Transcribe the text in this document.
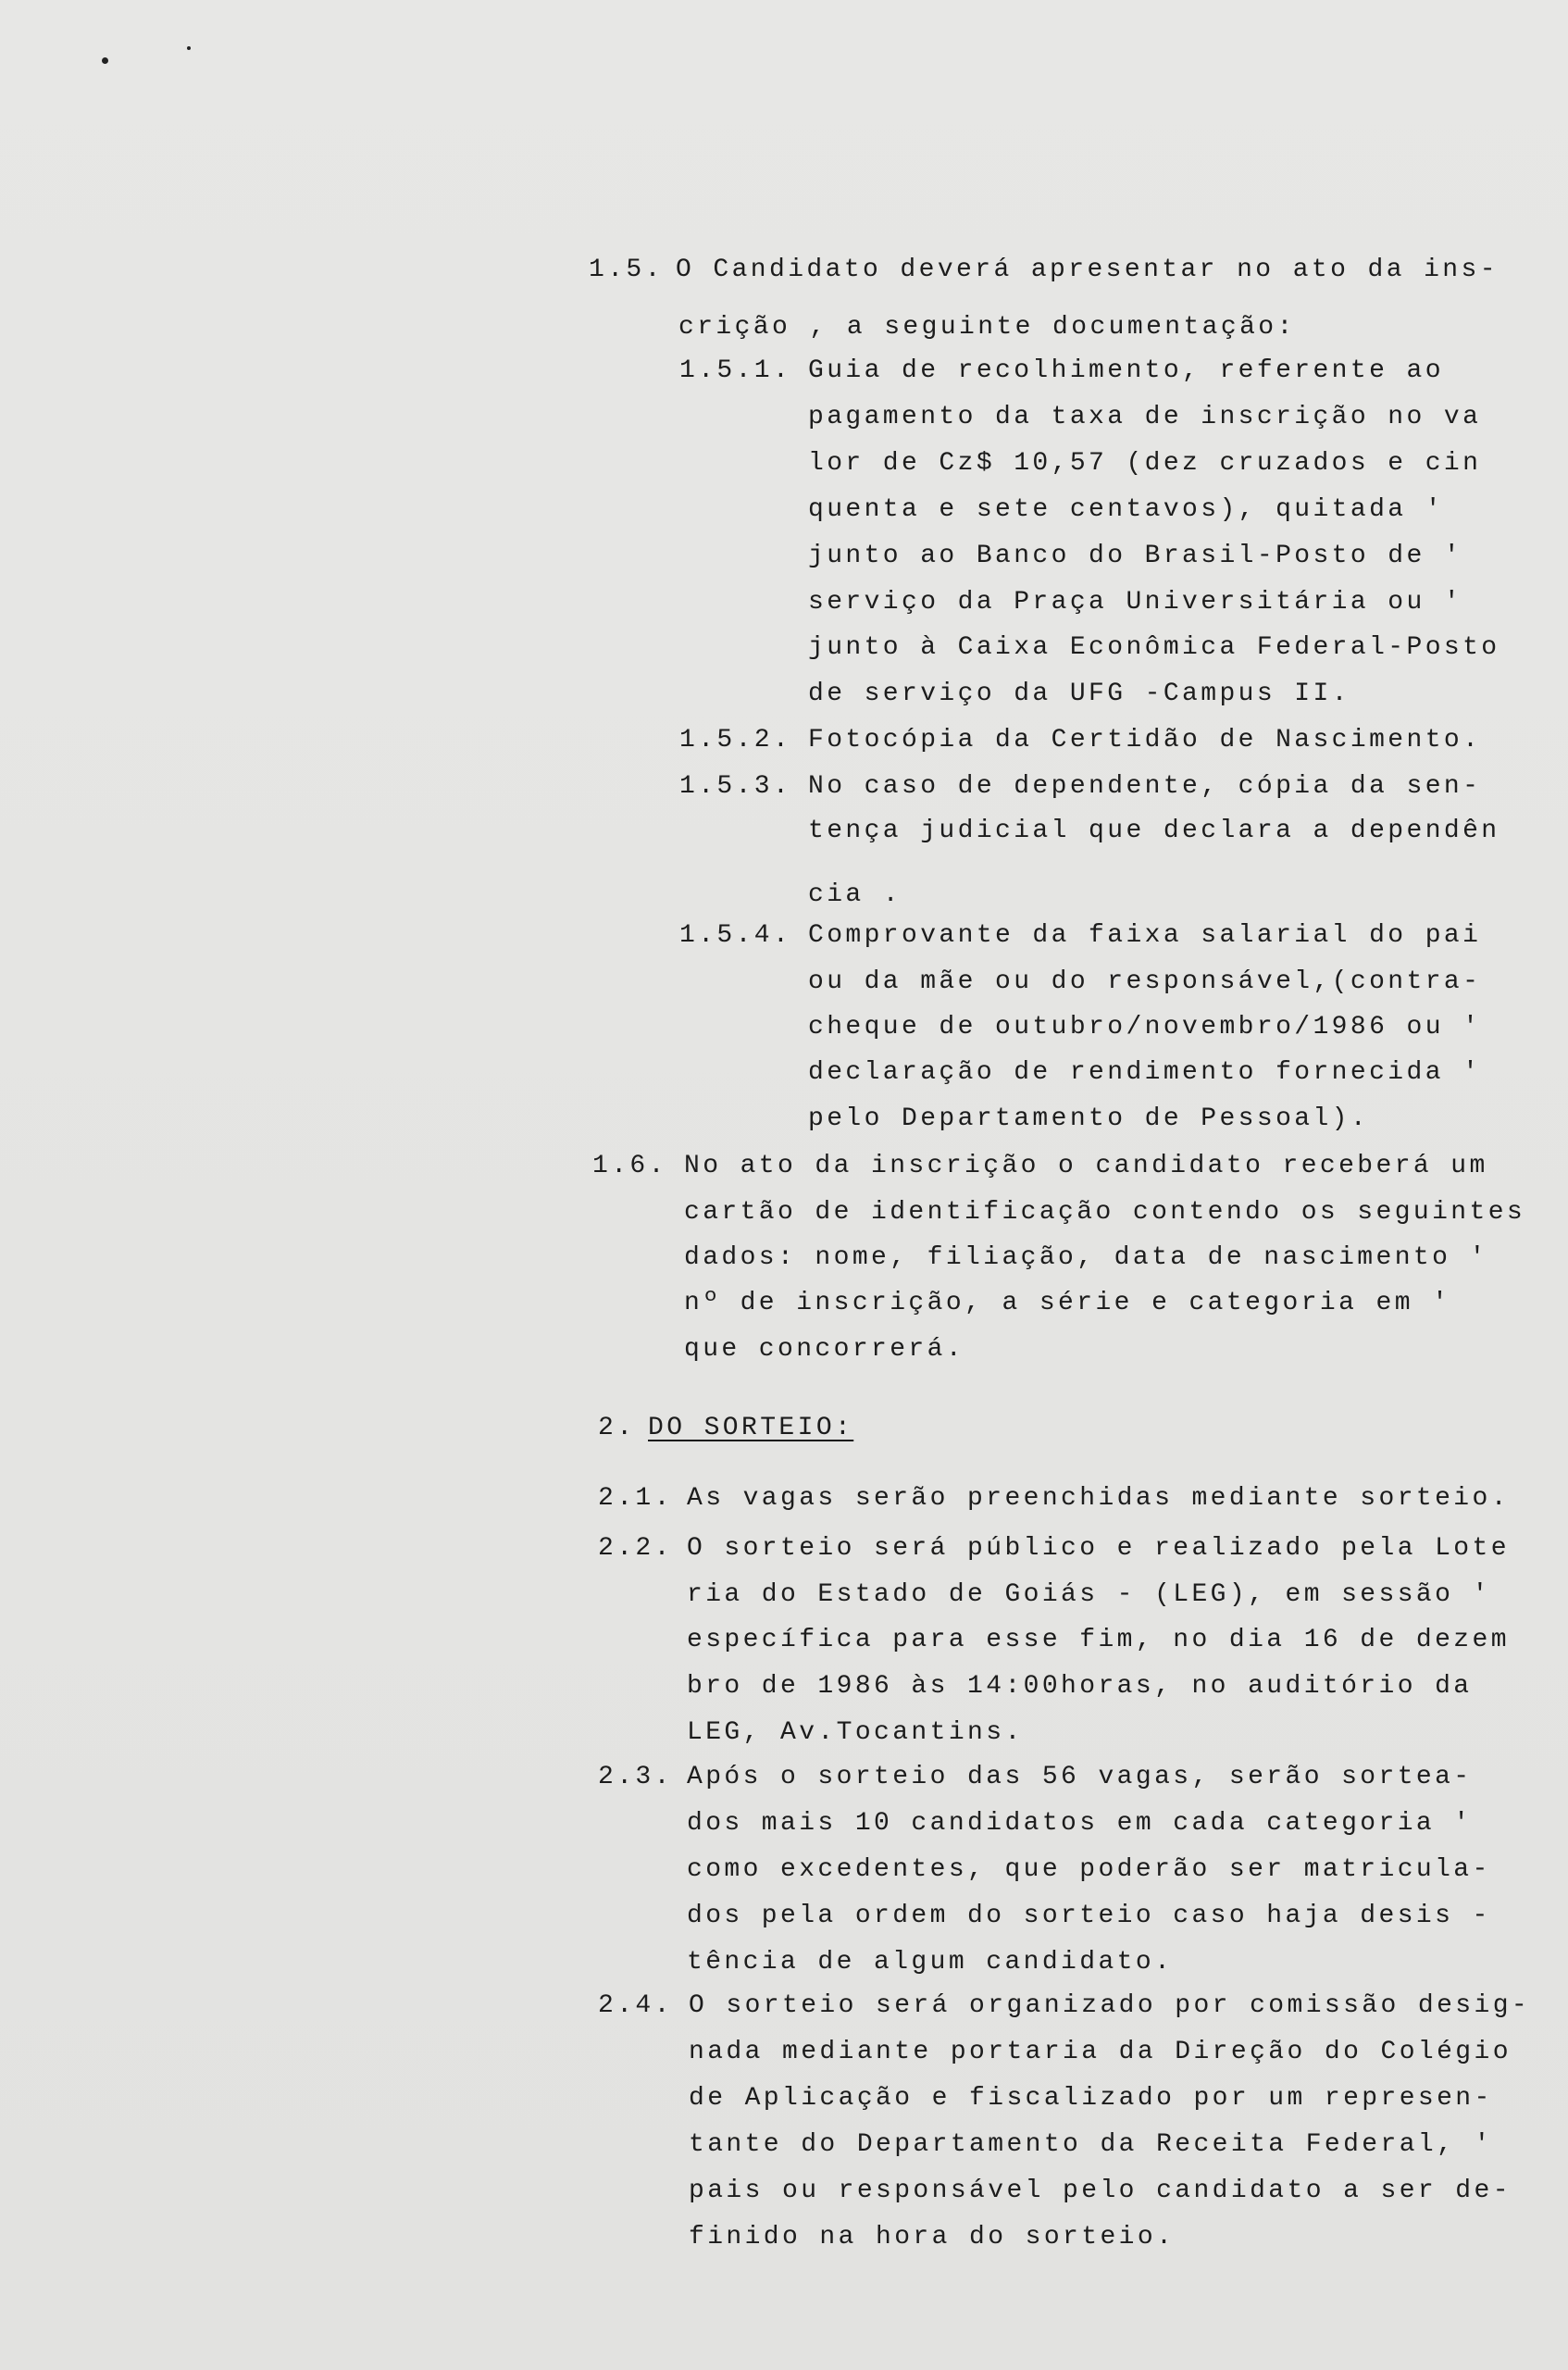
1.5. O Candidato deverá apresentar no ato da ins-
crição , a seguinte documentação:
1.5.1. Guia de recolhimento, referente ao
pagamento da taxa de inscrição no va
lor de Cz$ 10,57 (dez cruzados e cin
quenta e sete centavos), quitada '
junto ao Banco do Brasil-Posto de '
serviço da Praça Universitária ou '
junto à Caixa Econômica Federal-Posto
de serviço da UFG -Campus II.
1.5.2. Fotocópia da Certidão de Nascimento.
1.5.3. No caso de dependente, cópia da sen-
tença judicial que declara a dependên
cia .
1.5.4. Comprovante da faixa salarial do pai
ou da mãe ou do responsável,(contra-
cheque de outubro/novembro/1986 ou '
declaração de rendimento fornecida '
pelo Departamento de Pessoal).
1.6. No ato da inscrição o candidato receberá um
cartão de identificação contendo os seguintes
dados: nome, filiação, data de nascimento '
nº de inscrição, a série e categoria em '
que concorrerá.
2. DO SORTEIO:
2.1. As vagas serão preenchidas mediante sorteio.
2.2. O sorteio será público e realizado pela Lote
ria do Estado de Goiás - (LEG), em sessão '
específica para esse fim, no dia 16 de dezem
bro de 1986 às 14:00horas, no auditório da
LEG, Av.Tocantins.
2.3. Após o sorteio das 56 vagas, serão sortea-
dos mais 10 candidatos em cada categoria '
como excedentes, que poderão ser matricula-
dos pela ordem do sorteio caso haja desis -
tência de algum candidato.
2.4. O sorteio será organizado por comissão desig-
nada mediante portaria da Direção do Colégio
de Aplicação e fiscalizado por um represen-
tante do Departamento da Receita Federal, '
pais ou responsável pelo candidato a ser de-
finido na hora do sorteio.
